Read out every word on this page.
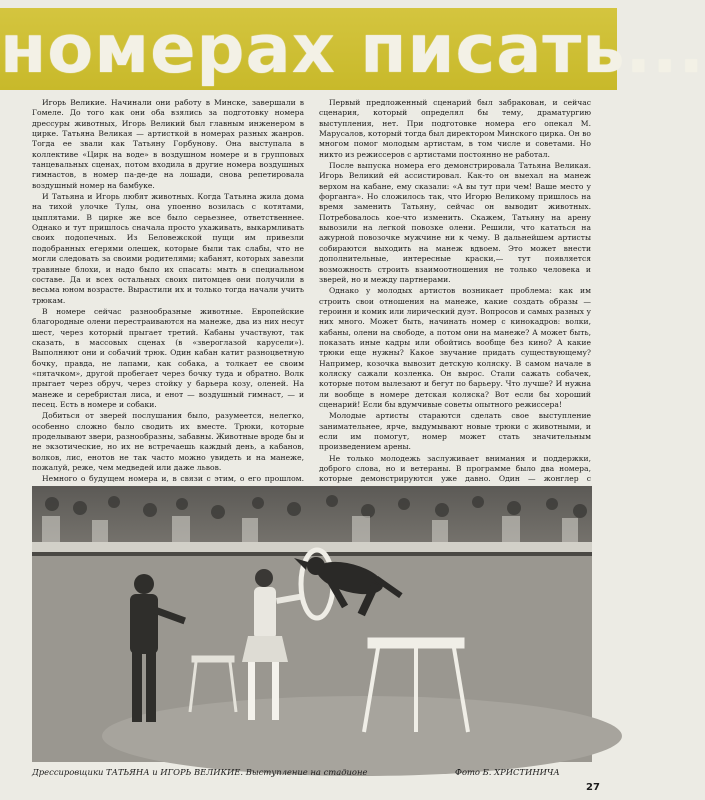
номерах писать...

Игорь Великие. Начинали они работу в Минске, завершали в Гомеле. До того как они оба взялись за подготовку номера дрессуры животных, Игорь Великий был главным инженером в цирке. Татьяна Великая — артисткой в номерах разных жанров. Тогда ее звали как Татьяну Горбунову. Она выступала в коллективе «Цирк на воде» в воздушном номере и в групповых танцевальных сценах, потом входила в другие номера воздушных гимнастов, в номер па-де-де на лошади, снова репетировала воздушный номер на бамбуке.

И Татьяна и Игорь любят животных. Когда Татьяна жила дома на тихой улочке Тулы, она упоенно возилась с котятами, цыплятами. В цирке же все было серьезнее, ответственнее. Однако и тут пришлось сначала просто ухаживать, выкармливать своих подопечных. Из Беловежской пущи им привезли подобранных егерями олешек, которые были так слабы, что не могли следовать за своими родителями; кабанят, которых завезли травяные блохи, и надо было их спасать: мыть в специальном составе. Да и всех остальных своих питомцев они получили в весьма юном возрасте. Вырастили их и только тогда начали учить трюкам.

В номере сейчас разнообразные животные. Европейские благородные олени перестраиваются на манеже, два из них несут шест, через который прыгает третий. Кабаны участвуют, так сказать, в массовых сценах (в «звероглазой карусели»). Выполняют они и собачий трюк. Один кабан катит разноцветную бочку, правда, не лапами, как собака, а толкает ее своим «пятачком», другой пробегает через бочку туда и обратно. Волк прыгает через обруч, через стойку у барьера козу, оленей. На манеже и серебристая лиса, и енот — воздушный гимнаст, — и песец. Есть в номере и собаки.

Добиться от зверей послушания было, разумеется, нелегко, особенно сложно было сводить их вместе. Трюки, которые проделывают звери, разнообразны, забавны. Животные вроде бы и не экзотические, но их не встречаешь каждый день, а кабанов, волков, лис, енотов не так часто можно увидеть и на манеже, пожалуй, реже, чем медведей или даже львов.

Немного о будущем номера и, в связи с этим, о его прошлом.

Первый предложенный сценарий был забракован, и сейчас сценария, который определял бы тему, драматургию выступления, нет. При подготовке номера его опекал М. Марусалов, который тогда был директором Минского цирка. Он во многом помог молодым артистам, в том числе и советами. Но никто из режиссеров с артистами постоянно не работал.

После выпуска номера его демонстрировала Татьяна Великая. Игорь Великий ей ассистировал. Как-то он выехал на манеж верхом на кабане, ему сказали: «А вы тут при чем! Ваше место у форганга». Но сложилось так, что Игорю Великому пришлось на время заменить Татьяну, сейчас он выводит животных. Потребовалось кое-что изменить. Скажем, Татьяну на арену вывозили на легкой повозке олени. Решили, что кататься на ажурной повозочке мужчине ни к чему. В дальнейшем артисты собираются выходить на манеж вдвоем. Это может внести дополнительные, интересные краски,— тут появляется возможность строить взаимоотношения не только человека и зверей, но и между партнерами.

Однако у молодых артистов возникает проблема: как им строить свои отношения на манеже, какие создать образы — героиня и комик или лирический дуэт. Вопросов и самых разных у них много. Может быть, начинать номер с кинокадров: волки, кабаны, олени на свободе, а потом они на манеже? А может быть, показать иные кадры или обойтись вообще без кино? А какие трюки еще нужны? Какое звучание придать существующему? Например, козочка вывозит детскую коляску. В самом начале в коляску сажали козленка. Он вырос. Стали сажать собачек, которые потом вылезают и бегут по барьеру. Что лучше? И нужна ли вообще в номере детская коляска? Вот если бы хороший сценарий! Если бы вдумчивые советы опытного режиссера!

Молодые артисты стараются сделать свое выступление занимательнее, ярче, выдумывают новые трюки с животными, и если им помогут, номер может стать значительным произведением арены.

Не только молодежь заслуживает внимания и поддержки, доброго слова, но и ветераны. В программе было два номера, которые демонстрируются уже давно. Один — жонглер с

Дрессировщики ТАТЬЯНА и ИГОРЬ ВЕЛИКИЕ. Выступление на стадионе	Фото Б. ХРИСТИНИЧА
27
